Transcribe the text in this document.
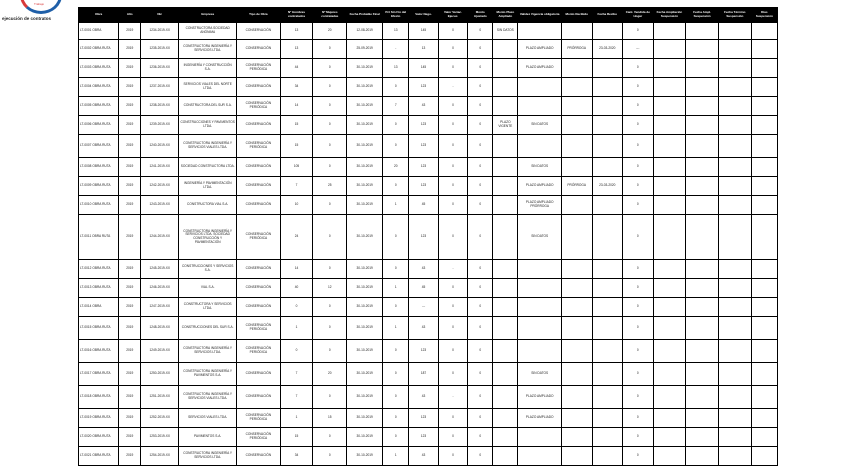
Trabajo
ejecución de contratos
Obra	Año	Nic	Empresa	Tipo de Obra	Nº Hombres contratados	Nº Mujeres contratadas	Fecha Probable Final	Pct Sin Fin del Efecto	Valor Nego.	Valor Variac. Ejecuc.	Monto Ajustado	Monto Plazo Ampliado	Validez Vigencia obligatoria	Monto Recibido	Fecha Recibo	Cant. Vendida de Hogar	Fecha Ampliación Suspensión	Fecha Ampl. Suspensión	Fecha Término Suspensión	Dias Suspensión
LT-0001 OBRA	2019	1234-2019-XX	CONSTRUCTORA SOCIEDAD ANÓNIMA	CONSERVACIÓN	13	20	12-08-2019	13	145	0	0	SIN DATOS				0				
LT-0002 OBRA RUTA	2019	1235-2019-XX	CONSTRUCTORA INGENIERÍA Y SERVICIOS LTDA.	CONSERVACIÓN	13	0	25-09-2019	-	13	0	0		PLAZO AMPLIADO	PRÓRROGA	23-03-2020	---				
LT-0003 OBRA RUTA	2019	1236-2019-XX	INGENIERÍA Y CONSTRUCCIÓN S.A.	CONSERVACIÓN PERIÓDICA	44	0	30-10-2019	13	145	0	0		PLAZO AMPLIADO			0				
LT-0004 OBRA RUTA	2019	1237-2019-XX	SERVICIOS VIALES DEL NORTE LTDA.	CONSERVACIÓN	34	0	30-10-2019	0	123	-	0					0				
LT-0005 OBRA RUTA	2019	1238-2019-XX	CONSTRUCTORA DEL SUR S.A.	CONSERVACIÓN PERIÓDICA	14	0	30-10-2019	7	43	0	0					0				
LT-0006 OBRA RUTA	2019	1239-2019-XX	CONSTRUCCIONES Y PAVIMENTOS LTDA.	CONSERVACIÓN	15	0	30-10-2019	0	123	0	0	PLAZO VIGENTE	SIN DATOS			0				
LT-0007 OBRA RUTA	2019	1240-2019-XX	CONSTRUCTORA INGENIERÍA Y SERVICIOS VIALES LTDA.	CONSERVACIÓN PERIÓDICA	15	0	30-10-2019	0	123	0	0					0				
LT-0008 OBRA RUTA	2019	1241-2019-XX	SOCIEDAD CONSTRUCTORA LTDA.	CONSERVACIÓN	105	0	30-10-2019	20	123	0	0		SIN DATOS			0				
LT-0009 OBRA RUTA	2019	1242-2019-XX	INGENIERÍA Y PAVIMENTACIÓN LTDA.	CONSERVACIÓN	7	25	30-10-2019	0	123	0	0		PLAZO AMPLIADO	PRÓRROGA	23-03-2020	0				
LT-0010 OBRA RUTA	2019	1243-2019-XX	CONSTRUCTORA VIAL S.A.	CONSERVACIÓN	10	0	30-10-2019	1	45	0	0		PLAZO AMPLIADO PRÓRROGA			0				
LT-0011 OBRA RUTA	2019	1244-2019-XX	CONSTRUCTORA INGENIERÍA Y SERVICIOS LTDA. SOCIEDAD CONSTRUCCIÓN Y PAVIMENTACIÓN	CONSERVACIÓN PERIÓDICA	24	0	30-10-2019	0	123	0	0		SIN DATOS			0				
LT-0012 OBRA RUTA	2019	1245-2019-XX	CONSTRUCCIONES Y SERVICIOS S.A.	CONSERVACIÓN	14	0	30-10-2019	0	43	-	0					0				
LT-0013 OBRA RUTA	2019	1246-2019-XX	VIAL S.A.	CONSERVACIÓN	40	12	30-10-2019	1	45	0	0					0				
LT-0014 OBRA	2019	1247-2019-XX	CONSTRUCTORA Y SERVICIOS LTDA.	CONSERVACIÓN	0	0	30-10-2019	0	---	0	0					0				
LT-0015 OBRA RUTA	2019	1248-2019-XX	CONSTRUCCIONES DEL SUR S.A.	CONSERVACIÓN PERIÓDICA	1	0	30-10-2019	1	43	0	0					0				
LT-0016 OBRA RUTA	2019	1249-2019-XX	CONSTRUCTORA INGENIERÍA Y SERVICIOS LTDA.	CONSERVACIÓN PERIÓDICA	0	0	30-10-2019	0	123	0	0					0				
LT-0017 OBRA RUTA	2019	1250-2019-XX	CONSTRUCTORA INGENIERÍA Y PAVIMENTOS S.A.	CONSERVACIÓN	7	20	30-10-2019	0	187	0	0		SIN DATOS			0				
LT-0018 OBRA RUTA	2019	1251-2019-XX	CONSTRUCTORA INGENIERÍA Y SERVICIOS VIALES LTDA.	CONSERVACIÓN	7	0	30-10-2019	0	43	-	0		PLAZO AMPLIADO			0				
LT-0019 OBRA RUTA	2019	1252-2019-XX	SERVICIOS VIALES LTDA.	CONSERVACIÓN PERIÓDICA	1	15	30-10-2019	0	123	0	0		PLAZO AMPLIADO			0				
LT-0020 OBRA RUTA	2019	1253-2019-XX	PAVIMENTOS S.A.	CONSERVACIÓN PERIÓDICA	15	0	30-10-2019	0	123	0	0					0				
LT-0021 OBRA RUTA	2019	1254-2019-XX	CONSTRUCTORA INGENIERÍA Y SERVICIOS LTDA.	CONSERVACIÓN	34	0	30-10-2019	1	43	0	0					0				
